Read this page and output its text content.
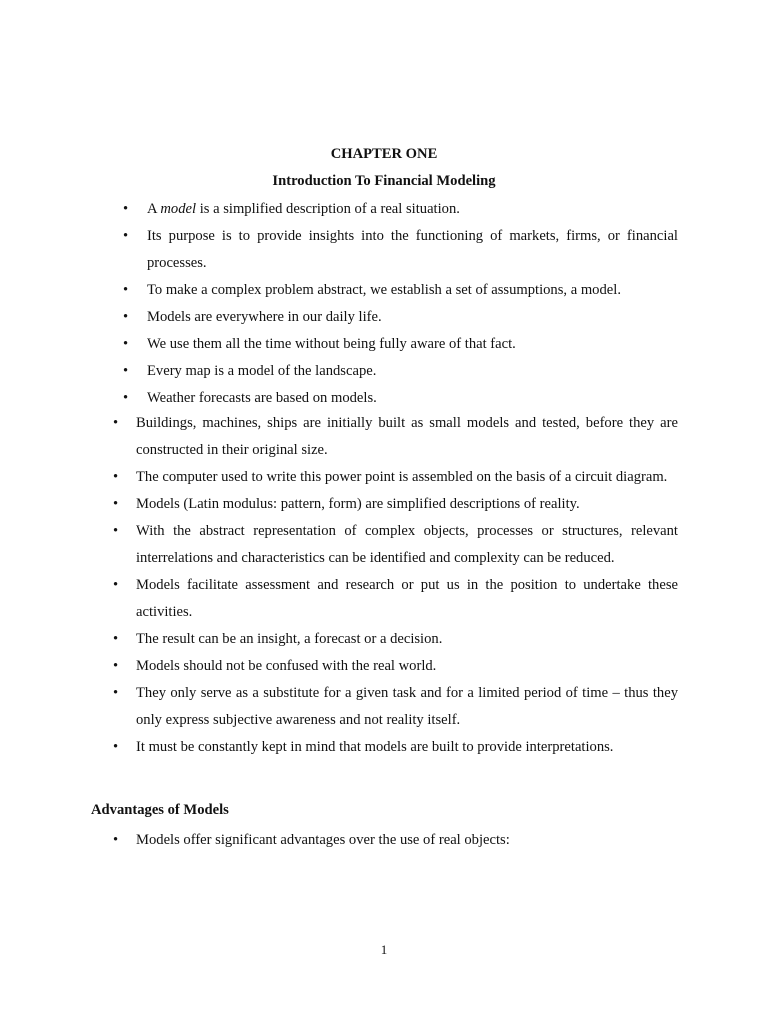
CHAPTER ONE
Introduction To Financial Modeling
• A model is a simplified description of a real situation.
• Its purpose is to provide insights into the functioning of markets, firms, or financial processes.
• To make a complex problem abstract, we establish a set of assumptions, a model.
• Models are everywhere in our daily life.
• We use them all the time without being fully aware of that fact.
• Every map is a model of the landscape.
• Weather forecasts are based on models.
• Buildings, machines, ships are initially built as small models and tested, before they are constructed in their original size.
• The computer used to write this power point is assembled on the basis of a circuit diagram.
• Models (Latin modulus: pattern, form) are simplified descriptions of reality.
• With the abstract representation of complex objects, processes or structures, relevant interrelations and characteristics can be identified and complexity can be reduced.
• Models facilitate assessment and research or put us in the position to undertake these activities.
• The result can be an insight, a forecast or a decision.
• Models should not be confused with the real world.
• They only serve as a substitute for a given task and for a limited period of time – thus they only express subjective awareness and not reality itself.
• It must be constantly kept in mind that models are built to provide interpretations.
Advantages of Models
• Models offer significant advantages over the use of real objects:
1
